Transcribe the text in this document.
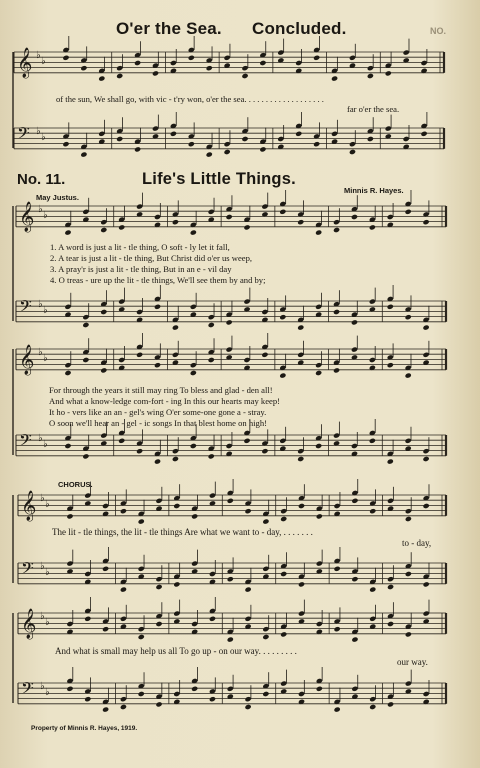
𝄞 ♭
♭
𝄢 ♭
♭
𝄞 ♭
♭
𝄢 ♭
♭
𝄞 ♭
♭
𝄢 ♭
♭
𝄞 ♭
♭
𝄢 ♭
♭
𝄞 ♭
♭
𝄢 ♭
♭
O'er the Sea. Concluded.	NO.
of the sun, We shall go, with vic - t'ry won, o'er the sea. . . . . . . . . . . . . . . . . . .
far o'er the sea.
No. 11.	Life's Little Things.
May Justus.
Minnis R. Hayes.
1. A word is just a lit - tle thing, O soft - ly let it fall,
2. A tear is just a lit - tle thing, But Christ did o'er us weep,
3. A pray'r is just a lit - tle thing, But in an e - vil day
4. O treas - ure up the lit - tle things, We'll see them by and by;
For through the years it still may ring To bless and glad - den all!
And what a know-ledge com-fort - ing In this our hearts may keep!
It ho - vers like an an - gel's wing O'er some-one gone a - stray.
O soon we'll hear an - gel - ic songs In that blest home on high!
CHORUS.
The lit - tle things, the lit - tle things Are what we want to - day, . . . . . . .
to - day,
And what is small may help us all To go up - on our way. . . . . . . . .
our way.
Property of Minnis R. Hayes, 1919.
